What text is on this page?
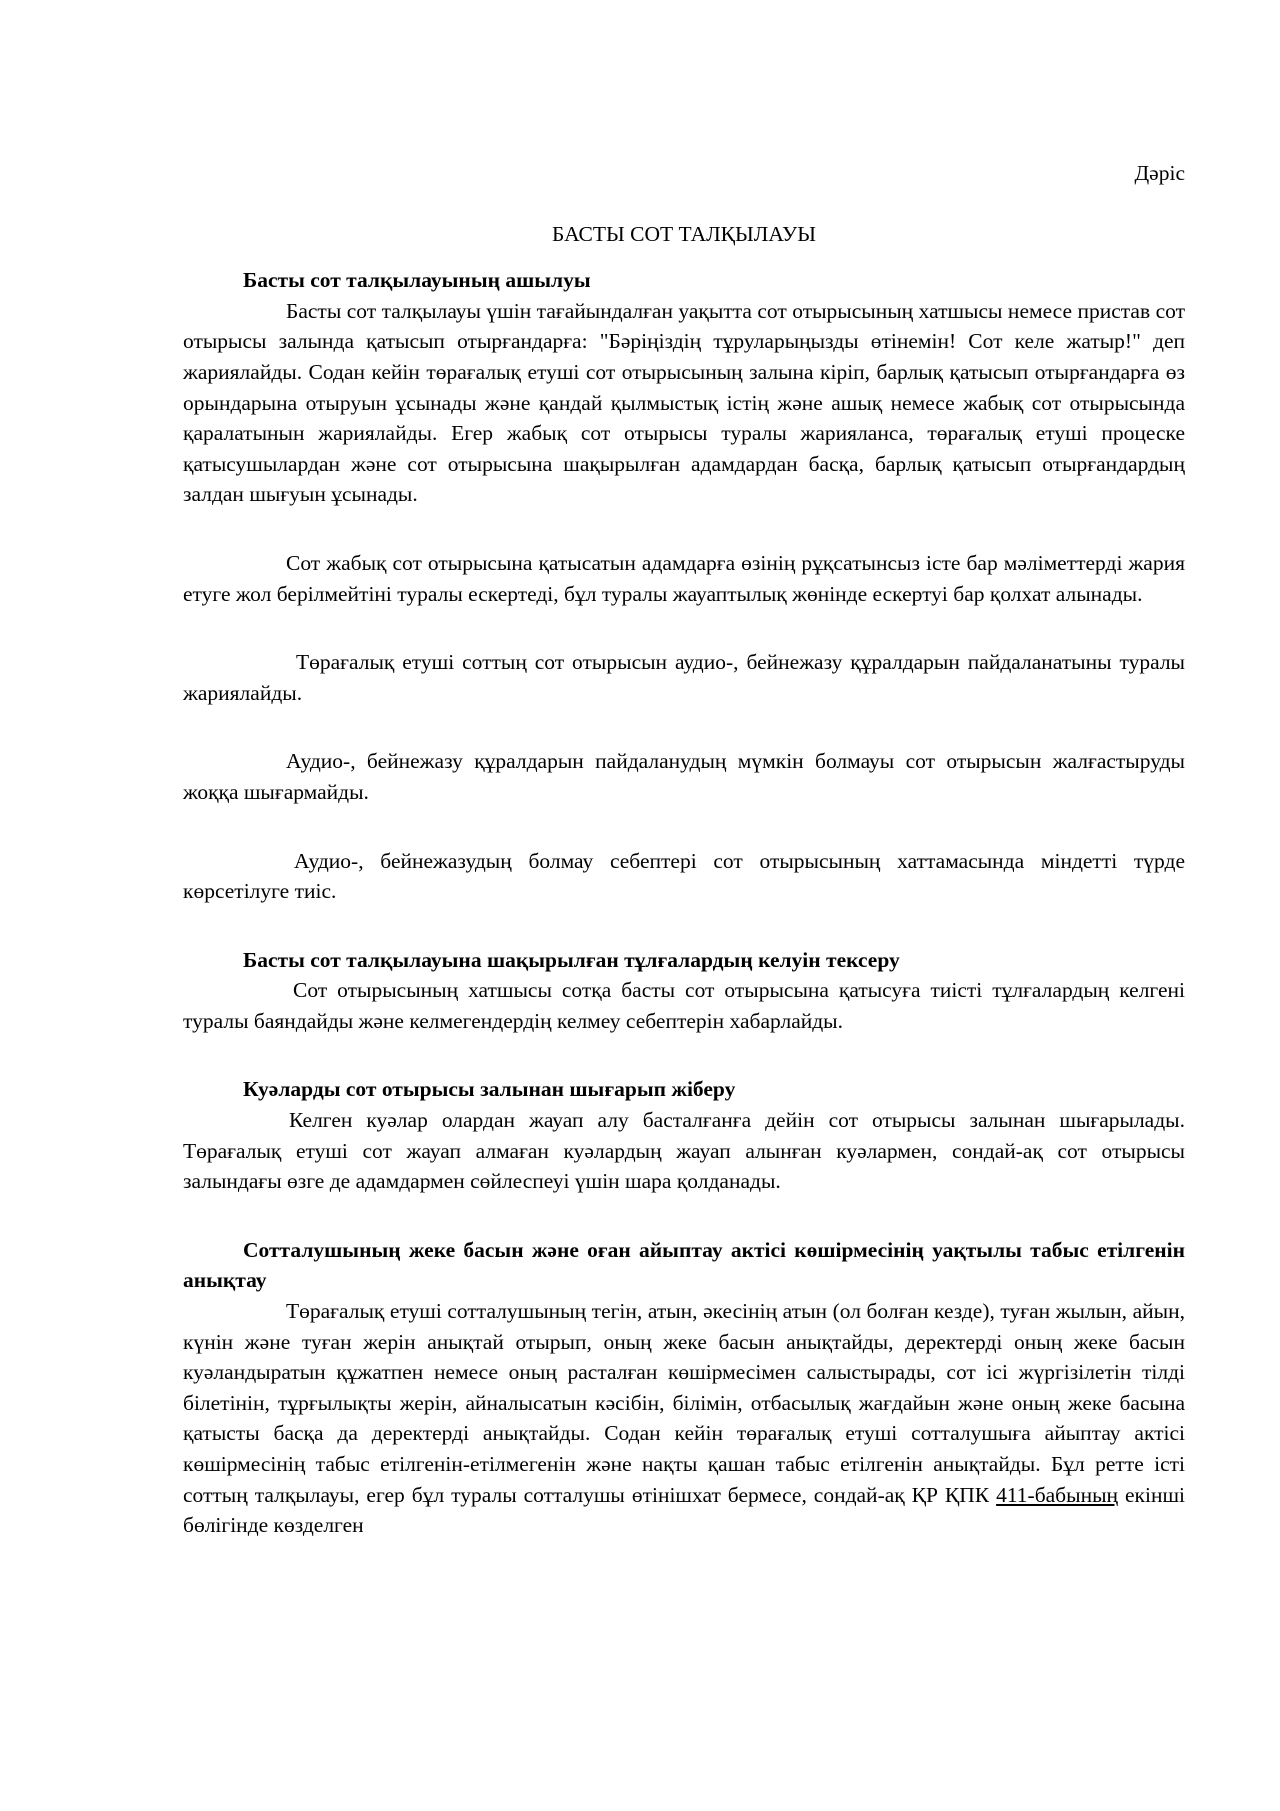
Дәріс
БАСТЫ СОТ ТАЛҚЫЛАУЫ
Басты сот талқылауының ашылуы

Басты сот талқылауы үшін тағайындалған уақытта сот отырысының хатшысы немесе пристав сот отырысы залында қатысып отырғандарға: "Бәріңіздің тұруларыңызды өтінемін! Сот келе жатыр!" деп жариялайды. Содан кейін төрағалық етуші сот отырысының залына кіріп, барлық қатысып отырғандарға өз орындарына отыруын ұсынады және қандай қылмыстық істің және ашық немесе жабық сот отырысында қаралатынын жариялайды. Егер жабық сот отырысы туралы жарияланса, төрағалық етуші процеске қатысушылардан және сот отырысына шақырылған адамдардан басқа, барлық қатысып отырғандардың залдан шығуын ұсынады.

Сот жабық сот отырысына қатысатын адамдарға өзінің рұқсатынсыз істе бар мәліметтерді жария етуге жол берілмейтіні туралы ескертеді, бұл туралы жауаптылық жөнінде ескертуі бар қолхат алынады.

Төрағалық етуші соттың сот отырысын аудио-, бейнежазу құралдарын пайдаланатыны туралы жариялайды.

Аудио-, бейнежазу құралдарын пайдаланудың мүмкін болмауы сот отырысын жалғастыруды жоққа шығармайды.

Аудио-, бейнежазудың болмау себептері сот отырысының хаттамасында міндетті түрде көрсетілуге тиіс.

Басты сот талқылауына шақырылған тұлғалардың келуін тексеру

Сот отырысының хатшысы сотқа басты сот отырысына қатысуға тиісті тұлғалардың келгені туралы баяндайды және келмегендердің келмеу себептерін хабарлайды.

Куәларды сот отырысы залынан шығарып жіберу

Келген куәлар олардан жауап алу басталғанға дейін сот отырысы залынан шығарылады. Төрағалық етуші сот жауап алмаған куәлардың жауап алынған куәлармен, сондай-ақ сот отырысы залындағы өзге де адамдармен сөйлеспеуі үшін шара қолданады.

Сотталушының жеке басын және оған айыптау актісі көшірмесінің уақтылы табыс етілгенін анықтау

Төрағалық етуші сотталушының тегін, атын, әкесінің атын (ол болған кезде), туған жылын, айын, күнін және туған жерін анықтай отырып, оның жеке басын анықтайды, деректерді оның жеке басын куәландыратын құжатпен немесе оның расталған көшірмесімен салыстырады, сот ісі жүргізілетін тілді білетінін, тұрғылықты жерін, айналысатын кәсібін, білімін, отбасылық жағдайын және оның жеке басына қатысты басқа да деректерді анықтайды. Содан кейін төрағалық етуші сотталушыға айыптау актісі көшірмесінің табыс етілгенін-етілмегенін және нақты қашан табыс етілгенін анықтайды. Бұл ретте істі соттың талқылауы, егер бұл туралы сотталушы өтінішхат бермесе, сондай-ақ ҚР ҚПК 411-бабының екінші бөлігінде көзделген
